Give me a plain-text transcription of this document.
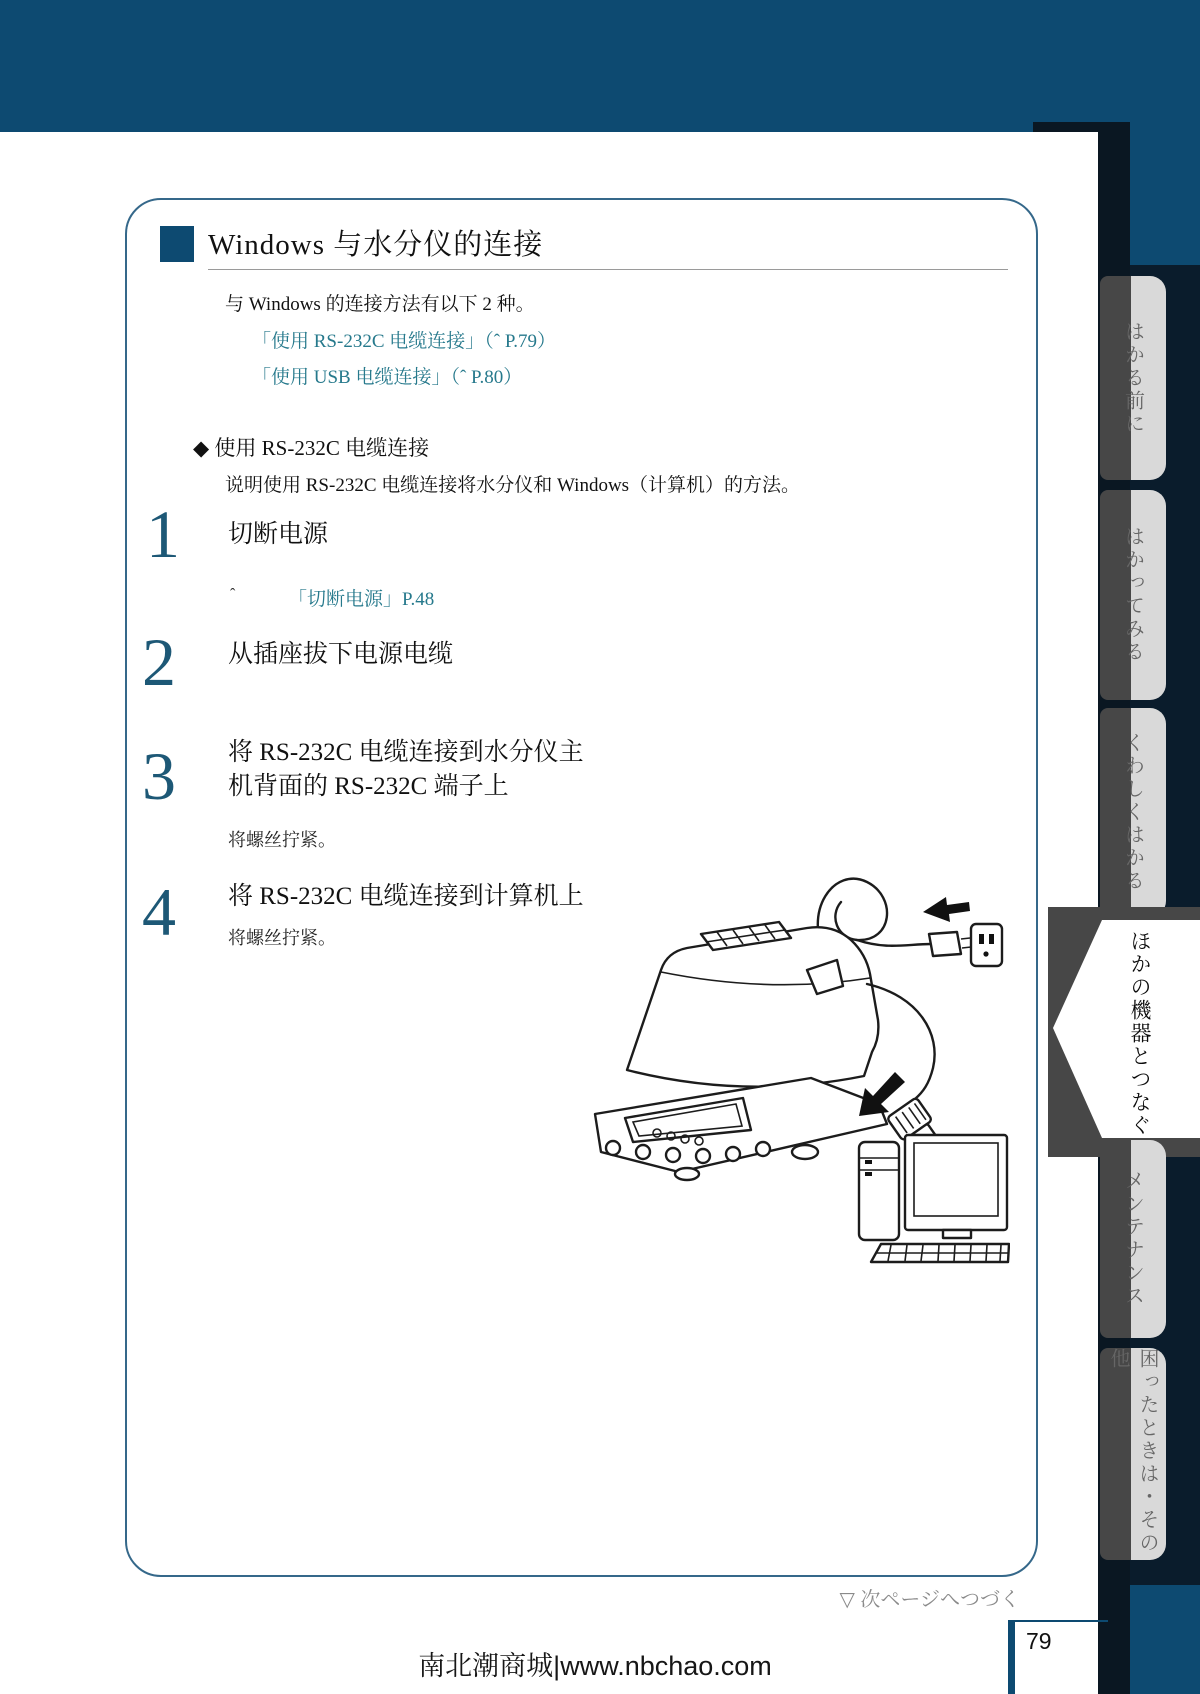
Windows 与水分仪的连接
与 Windows 的连接方法有以下 2 种。
「使用 RS-232C 电缆连接」（ˆ P.79）
「使用 USB 电缆连接」（ˆ P.80）
◆ 使用 RS-232C 电缆连接
说明使用 RS-232C 电缆连接将水分仪和 Windows（计算机）的方法。
1 切断电源
ˆ	「切断电源」P.48
2 从插座拔下电源电缆
3 将 RS-232C 电缆连接到水分仪主
机背面的 RS-232C 端子上
将螺丝拧紧。
4 将 RS-232C 电缆连接到计算机上
将螺丝拧紧。
はかる前に
はかってみる
くわしくはかる
ほかの機器とつなぐ
メンテナンス
困ったときは・その他
▽ 次ページへつづく
79
南北潮商城|www.nbchao.com
